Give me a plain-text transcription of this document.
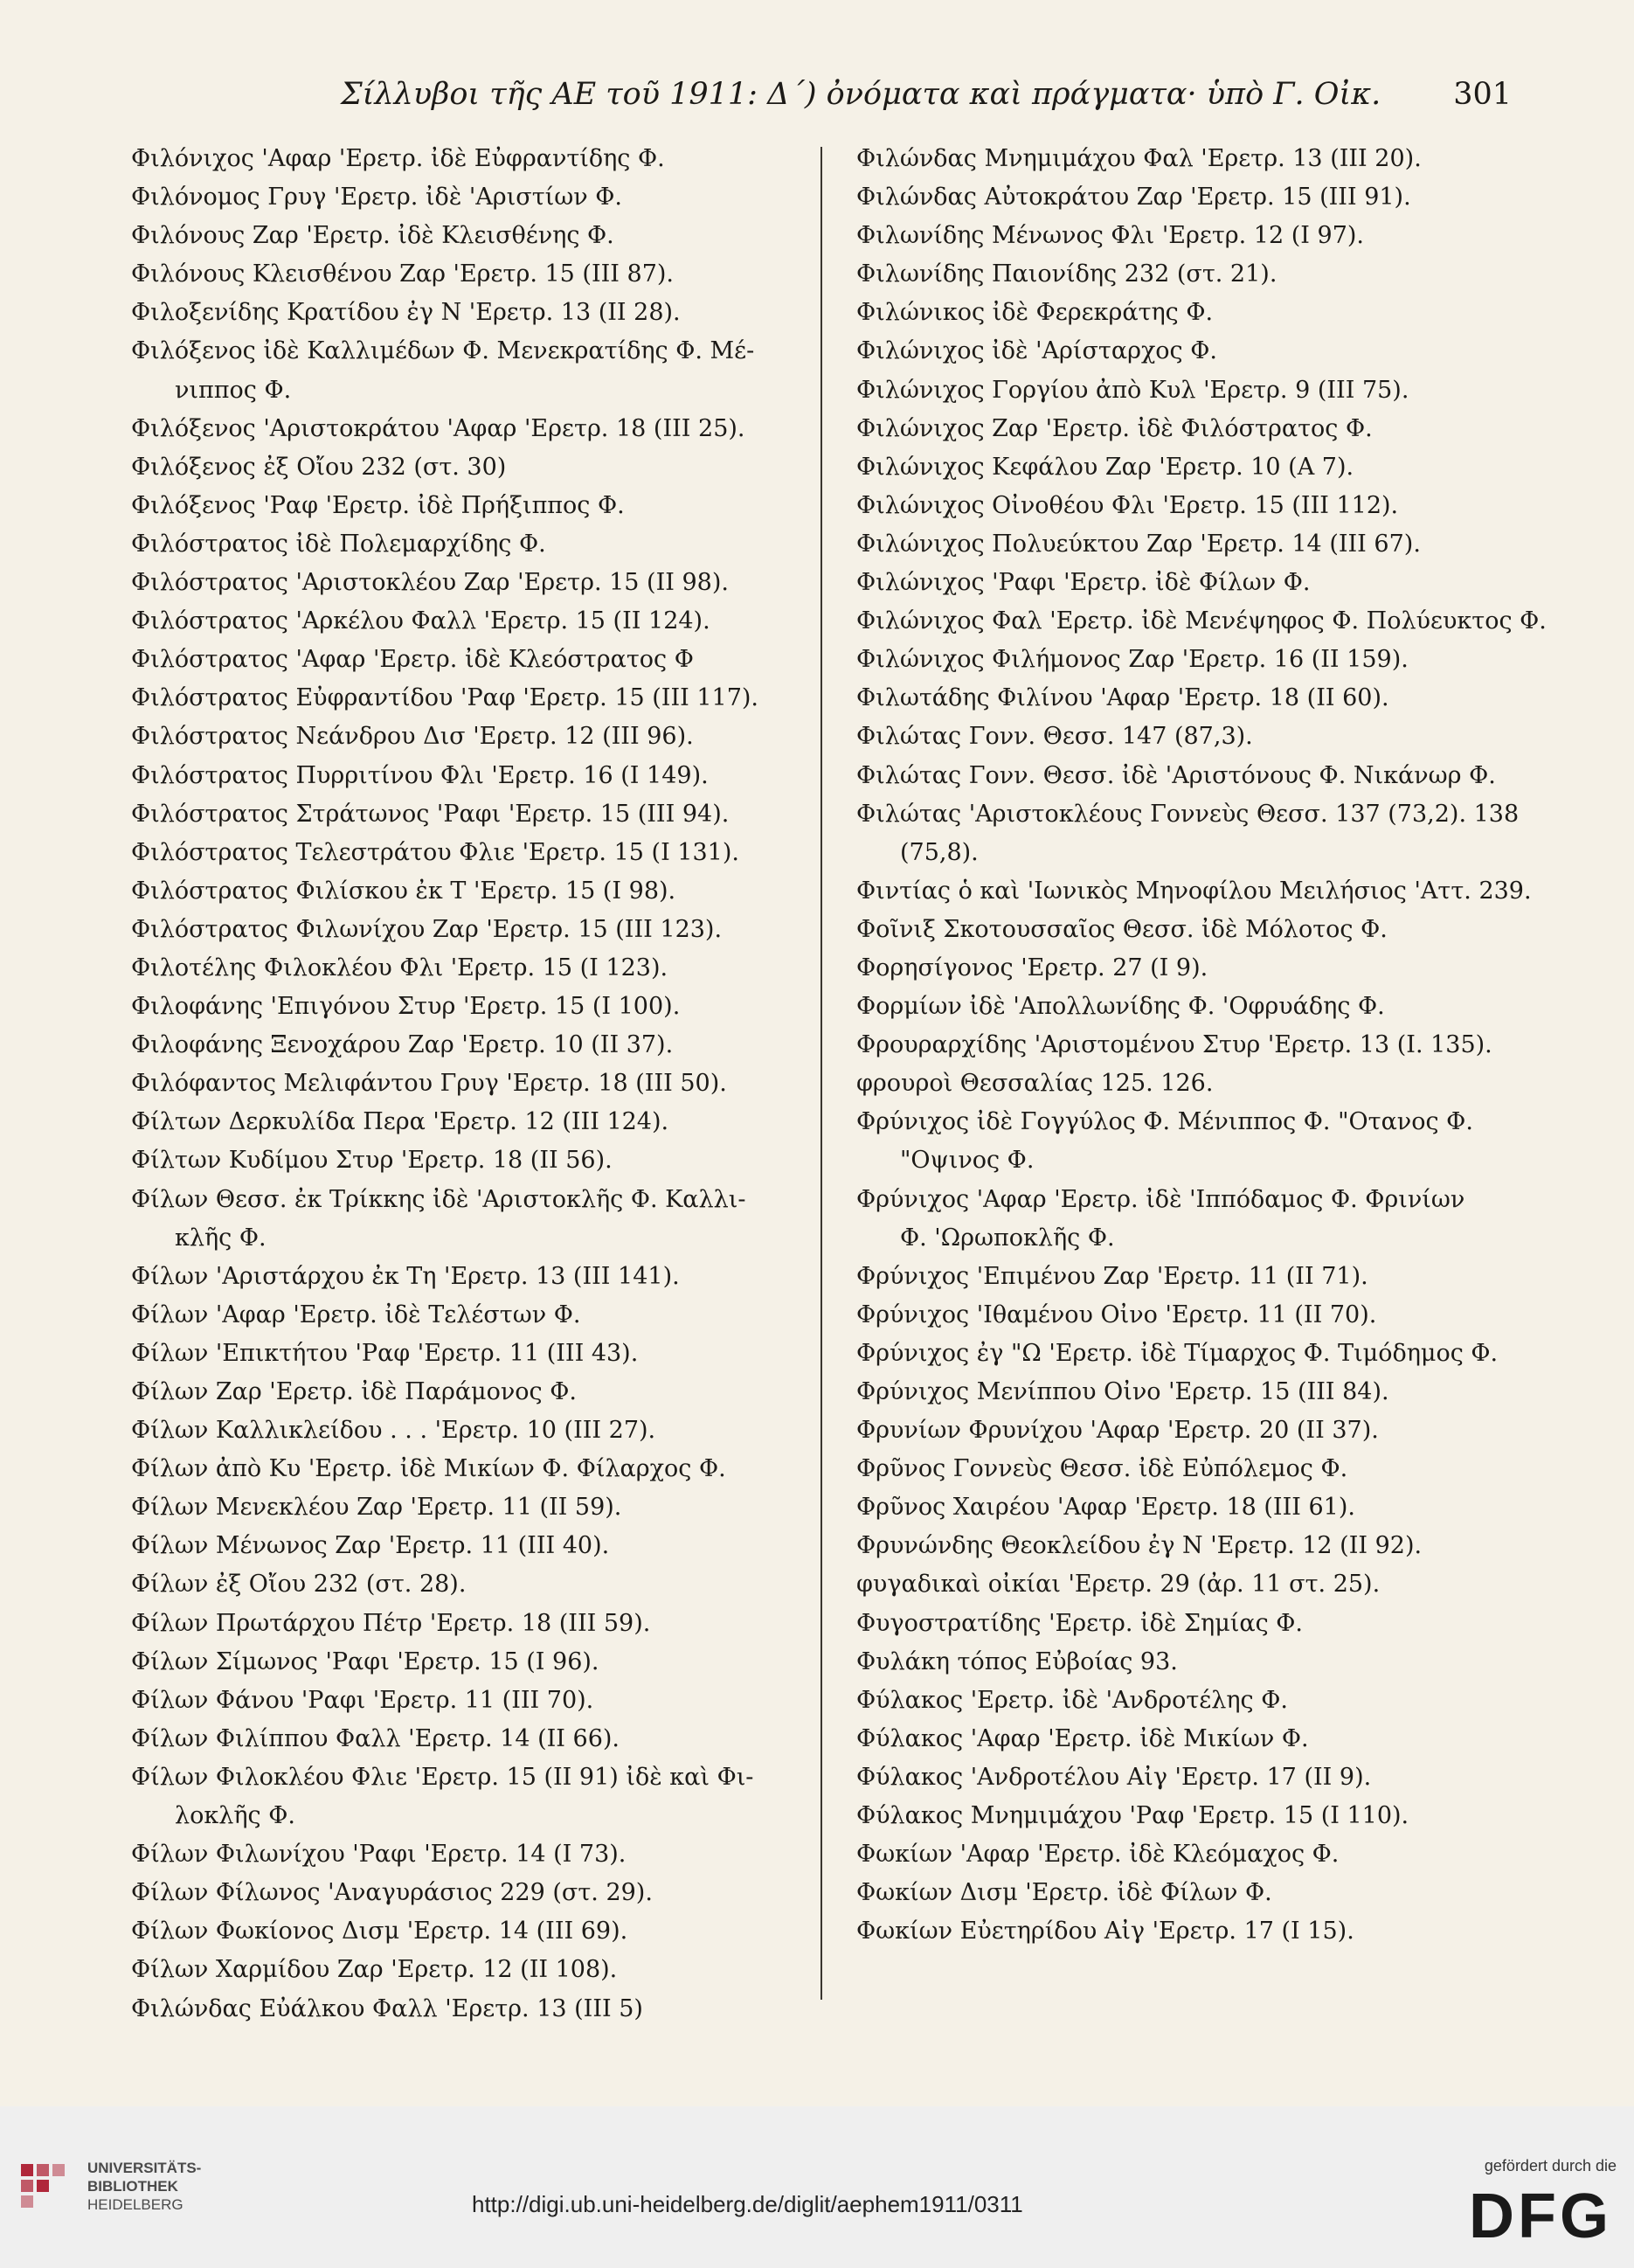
Σίλλυβοι τῆς ΑΕ τοῦ 1911: Δ΄) ὀνόματα καὶ πράγματα· ὑπὸ Γ. Οἰκ. 301
Φιλόνιχος 'Αφαρ 'Ερετρ. ἰδὲ Εὐφραντίδης Φ.
Φιλόνομος Γρυγ 'Ερετρ. ἰδὲ 'Αριστίων Φ.
Φιλόνους Ζαρ 'Ερετρ. ἰδὲ Κλεισθένης Φ.
Φιλόνους Κλεισθένου Ζαρ 'Ερετρ. 15 (III 87).
Φιλοξενίδης Κρατίδου ἐγ Ν 'Ερετρ. 13 (II 28).
Φιλόξενος ἰδὲ Καλλιμέδων Φ. Μενεκρατίδης Φ. Μέ-
νιππος Φ.
Φιλόξενος 'Αριστοκράτου 'Αφαρ 'Ερετρ. 18 (III 25).
Φιλόξενος ἐξ Οἴου 232 (στ. 30)
Φιλόξενος 'Ραφ 'Ερετρ. ἰδὲ Πρήξιππος Φ.
Φιλόστρατος ἰδὲ Πολεμαρχίδης Φ.
Φιλόστρατος 'Αριστοκλέου Ζαρ 'Ερετρ. 15 (II 98).
Φιλόστρατος 'Αρκέλου Φαλλ 'Ερετρ. 15 (II 124).
Φιλόστρατος 'Αφαρ 'Ερετρ. ἰδὲ Κλεόστρατος Φ
Φιλόστρατος Εὐφραντίδου 'Ραφ 'Ερετρ. 15 (III 117).
Φιλόστρατος Νεάνδρου Δισ 'Ερετρ. 12 (III 96).
Φιλόστρατος Πυρριτίνου Φλι 'Ερετρ. 16 (I 149).
Φιλόστρατος Στράτωνος 'Ραφι 'Ερετρ. 15 (III 94).
Φιλόστρατος Τελεστράτου Φλιε 'Ερετρ. 15 (I 131).
Φιλόστρατος Φιλίσκου ἐκ Τ 'Ερετρ. 15 (I 98).
Φιλόστρατος Φιλωνίχου Ζαρ 'Ερετρ. 15 (III 123).
Φιλοτέλης Φιλοκλέου Φλι 'Ερετρ. 15 (I 123).
Φιλοφάνης 'Επιγόνου Στυρ 'Ερετρ. 15 (I 100).
Φιλοφάνης Ξενοχάρου Ζαρ 'Ερετρ. 10 (II 37).
Φιλόφαντος Μελιφάντου Γρυγ 'Ερετρ. 18 (III 50).
Φίλτων Δερκυλίδα Περα 'Ερετρ. 12 (III 124).
Φίλτων Κυδίμου Στυρ 'Ερετρ. 18 (II 56).
Φίλων Θεσσ. ἐκ Τρίκκης ἰδὲ 'Αριστοκλῆς Φ. Καλλι-
κλῆς Φ.
Φίλων 'Αριστάρχου ἐκ Τη 'Ερετρ. 13 (III 141).
Φίλων 'Αφαρ 'Ερετρ. ἰδὲ Τελέστων Φ.
Φίλων 'Επικτήτου 'Ραφ 'Ερετρ. 11 (III 43).
Φίλων Ζαρ 'Ερετρ. ἰδὲ Παράμονος Φ.
Φίλων Καλλικλείδου . . . 'Ερετρ. 10 (III 27).
Φίλων ἀπὸ Κυ 'Ερετρ. ἰδὲ Μικίων Φ. Φίλαρχος Φ.
Φίλων Μενεκλέου Ζαρ 'Ερετρ. 11 (II 59).
Φίλων Μένωνος Ζαρ 'Ερετρ. 11 (III 40).
Φίλων ἐξ Οἴου 232 (στ. 28).
Φίλων Πρωτάρχου Πέτρ 'Ερετρ. 18 (III 59).
Φίλων Σίμωνος 'Ραφι 'Ερετρ. 15 (I 96).
Φίλων Φάνου 'Ραφι 'Ερετρ. 11 (III 70).
Φίλων Φιλίππου Φαλλ 'Ερετρ. 14 (II 66).
Φίλων Φιλοκλέου Φλιε 'Ερετρ. 15 (II 91) ἰδὲ καὶ Φι-
λοκλῆς Φ.
Φίλων Φιλωνίχου 'Ραφι 'Ερετρ. 14 (I 73).
Φίλων Φίλωνος 'Αναγυράσιος 229 (στ. 29).
Φίλων Φωκίονος Δισμ 'Ερετρ. 14 (III 69).
Φίλων Χαρμίδου Ζαρ 'Ερετρ. 12 (II 108).
Φιλώνδας Εὐάλκου Φαλλ 'Ερετρ. 13 (III 5)
Φιλώνδας Μνημιμάχου Φαλ 'Ερετρ. 13 (III 20).
Φιλώνδας Αὐτοκράτου Ζαρ 'Ερετρ. 15 (III 91).
Φιλωνίδης Μένωνος Φλι 'Ερετρ. 12 (I 97).
Φιλωνίδης Παιονίδης 232 (στ. 21).
Φιλώνικος ἰδὲ Φερεκράτης Φ.
Φιλώνιχος ἰδὲ 'Αρίσταρχος Φ.
Φιλώνιχος Γοργίου ἀπὸ Κυλ 'Ερετρ. 9 (III 75).
Φιλώνιχος Ζαρ 'Ερετρ. ἰδὲ Φιλόστρατος Φ.
Φιλώνιχος Κεφάλου Ζαρ 'Ερετρ. 10 (A 7).
Φιλώνιχος Οἰνοθέου Φλι 'Ερετρ. 15 (III 112).
Φιλώνιχος Πολυεύκτου Ζαρ 'Ερετρ. 14 (III 67).
Φιλώνιχος 'Ραφι 'Ερετρ. ἰδὲ Φίλων Φ.
Φιλώνιχος Φαλ 'Ερετρ. ἰδὲ Μενέψηφος Φ. Πολύευκτος Φ.
Φιλώνιχος Φιλήμονος Ζαρ 'Ερετρ. 16 (II 159).
Φιλωτάδης Φιλίνου 'Αφαρ 'Ερετρ. 18 (II 60).
Φιλώτας Γονν. Θεσσ. 147 (87,3).
Φιλώτας Γονν. Θεσσ. ἰδὲ 'Αριστόνους Φ. Νικάνωρ Φ.
Φιλώτας 'Αριστοκλέους Γοννεὺς Θεσσ. 137 (73,2). 138
(75,8).
Φιντίας ὁ καὶ 'Ιωνικὸς Μηνοφίλου Μειλήσιος 'Αττ. 239.
Φοῖνιξ Σκοτουσσαῖος Θεσσ. ἰδὲ Μόλοτος Φ.
Φορησίγονος 'Ερετρ. 27 (I 9).
Φορμίων ἰδὲ 'Απολλωνίδης Φ. 'Οφρυάδης Φ.
Φρουραρχίδης 'Αριστομένου Στυρ 'Ερετρ. 13 (I. 135).
φρουροὶ Θεσσαλίας 125. 126.
Φρύνιχος ἰδὲ Γογγύλος Φ. Μένιππος Φ. "Οτανος Φ.
"Οψινος Φ.
Φρύνιχος 'Αφαρ 'Ερετρ. ἰδὲ 'Ιππόδαμος Φ. Φρινίων
Φ. 'Ωρωποκλῆς Φ.
Φρύνιχος 'Επιμένου Ζαρ 'Ερετρ. 11 (II 71).
Φρύνιχος 'Ιθαμένου Οἰνο 'Ερετρ. 11 (II 70).
Φρύνιχος ἐγ "Ω 'Ερετρ. ἰδὲ Τίμαρχος Φ. Τιμόδημος Φ.
Φρύνιχος Μενίππου Οἰνο 'Ερετρ. 15 (III 84).
Φρυνίων Φρυνίχου 'Αφαρ 'Ερετρ. 20 (II 37).
Φρῦνος Γοννεὺς Θεσσ. ἰδὲ Εὐπόλεμος Φ.
Φρῦνος Χαιρέου 'Αφαρ 'Ερετρ. 18 (III 61).
Φρυνώνδης Θεοκλείδου ἐγ Ν 'Ερετρ. 12 (II 92).
φυγαδικαὶ οἰκίαι 'Ερετρ. 29 (ἀρ. 11 στ. 25).
Φυγοστρατίδης 'Ερετρ. ἰδὲ Σημίας Φ.
Φυλάκη τόπος Εὐβοίας 93.
Φύλακος 'Ερετρ. ἰδὲ 'Ανδροτέλης Φ.
Φύλακος 'Αφαρ 'Ερετρ. ἰδὲ Μικίων Φ.
Φύλακος 'Ανδροτέλου Αἰγ 'Ερετρ. 17 (II 9).
Φύλακος Μνημιμάχου 'Ραφ 'Ερετρ. 15 (I 110).
Φωκίων 'Αφαρ 'Ερετρ. ἰδὲ Κλεόμαχος Φ.
Φωκίων Δισμ 'Ερετρ. ἰδὲ Φίλων Φ.
Φωκίων Εὐετηρίδου Αἰγ 'Ερετρ. 17 (I 15).
UNIVERSITÄTS-
BIBLIOTHEK
HEIDELBERG	http://digi.ub.uni-heidelberg.de/diglit/aephem1911/0311
gefördert durch die
DFG
